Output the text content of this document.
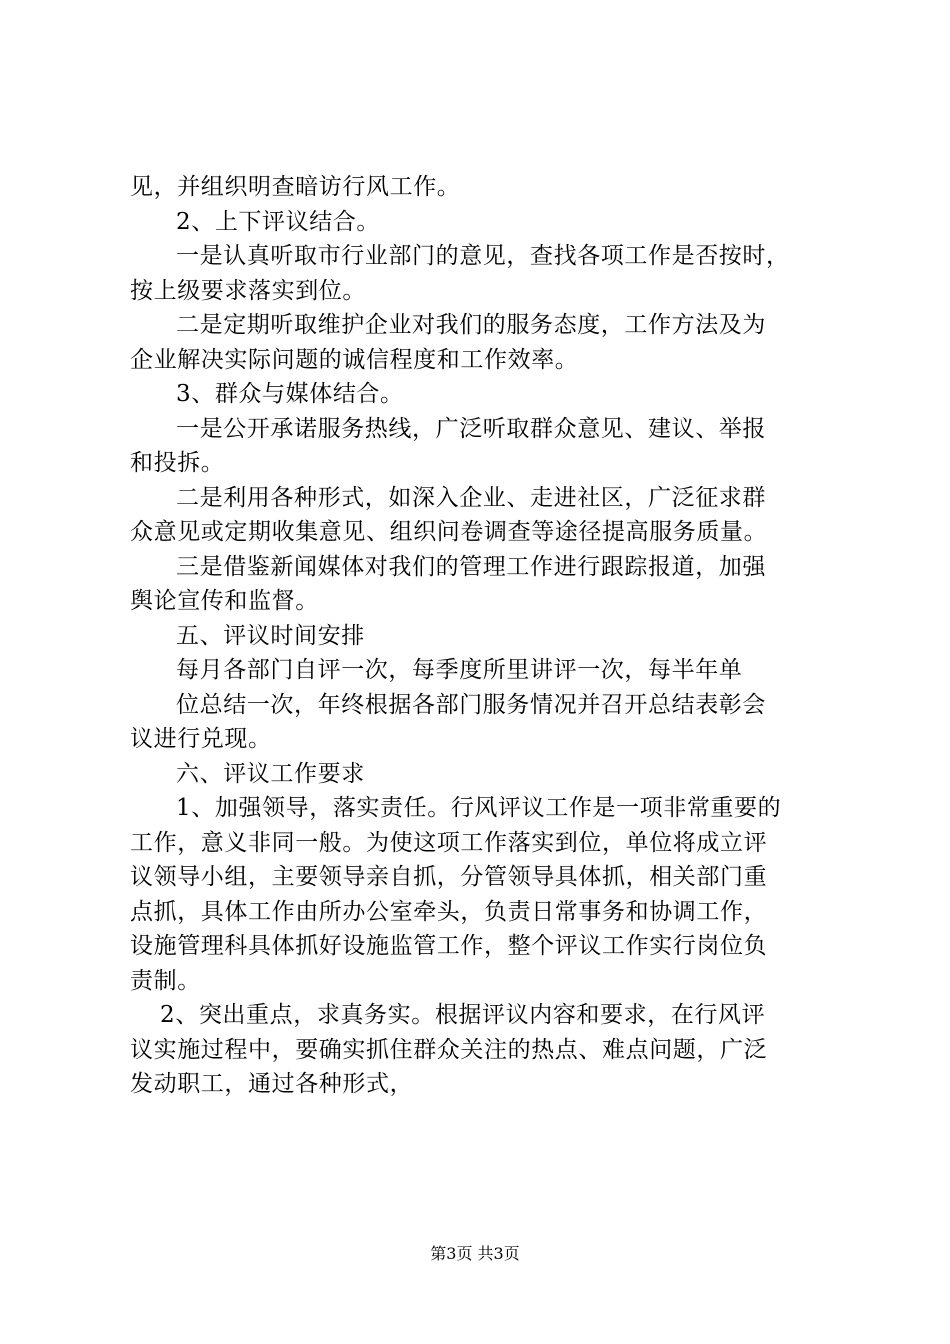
见，并组织明查暗访行风工作。
2、上下评议结合。
一是认真听取市行业部门的意见，查找各项工作是否按时，
按上级要求落实到位。
二是定期听取维护企业对我们的服务态度，工作方法及为
企业解决实际问题的诚信程度和工作效率。
3、群众与媒体结合。
一是公开承诺服务热线，广泛听取群众意见、建议、举报
和投拆。
二是利用各种形式，如深入企业、走进社区，广泛征求群
众意见或定期收集意见、组织问卷调查等途径提高服务质量。
三是借鉴新闻媒体对我们的管理工作进行跟踪报道，加强
舆论宣传和监督。
五、评议时间安排
每月各部门自评一次，每季度所里讲评一次，每半年单
位总结一次，年终根据各部门服务情况并召开总结表彰会
议进行兑现。
六、评议工作要求
1、加强领导，落实责任。行风评议工作是一项非常重要的
工作，意义非同一般。为使这项工作落实到位，单位将成立评
议领导小组，主要领导亲自抓，分管领导具体抓，相关部门重
点抓，具体工作由所办公室牵头，负责日常事务和协调工作，
设施管理科具体抓好设施监管工作，整个评议工作实行岗位负
责制。
2、突出重点，求真务实。根据评议内容和要求，在行风评
议实施过程中，要确实抓住群众关注的热点、难点问题，广泛
发动职工，通过各种形式，
第3页 共3页
